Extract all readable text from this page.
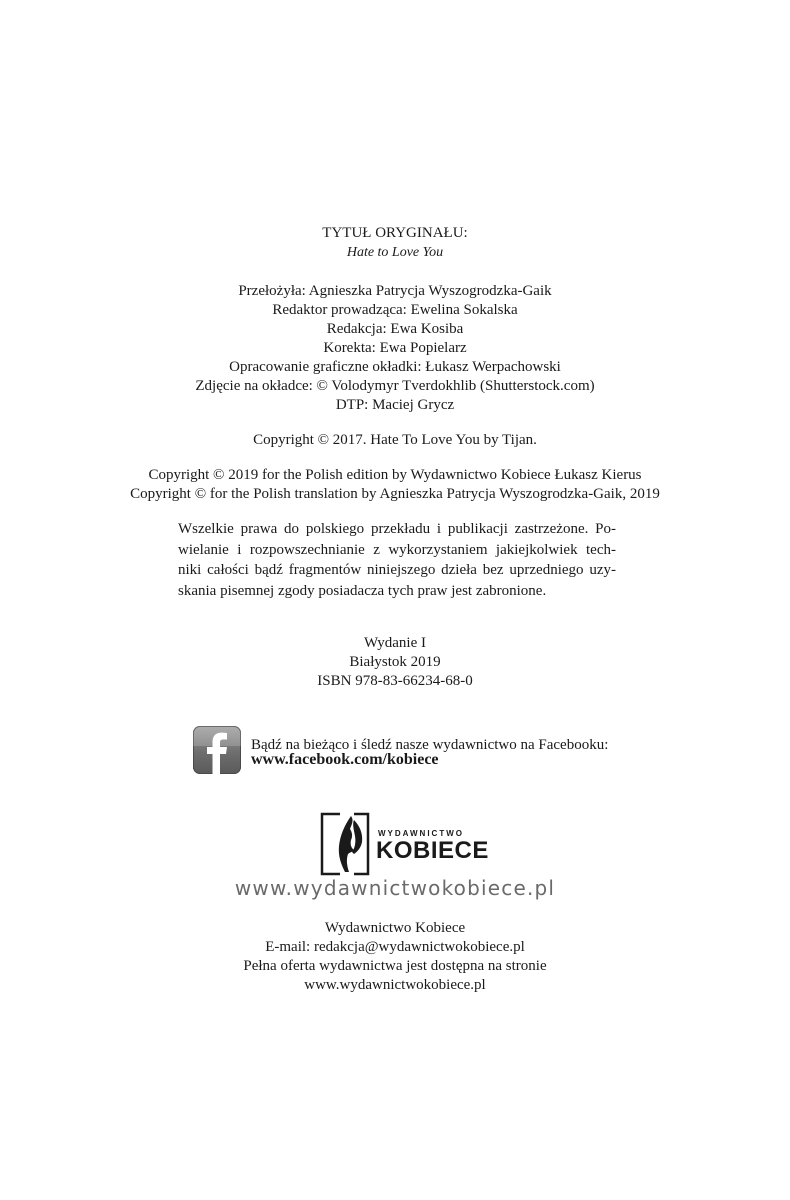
TYTUŁ ORYGINAŁU:
Hate to Love You
Przełożyła: Agnieszka Patrycja Wyszogrodzka-Gaik
Redaktor prowadząca: Ewelina Sokalska
Redakcja: Ewa Kosiba
Korekta: Ewa Popielarz
Opracowanie graficzne okładki: Łukasz Werpachowski
Zdjęcie na okładce: © Volodymyr Tverdokhlib (Shutterstock.com)
DTP: Maciej Grycz
Copyright © 2017. Hate To Love You by Tijan.
Copyright © 2019 for the Polish edition by Wydawnictwo Kobiece Łukasz Kierus
Copyright © for the Polish translation by Agnieszka Patrycja Wyszogrodzka-Gaik, 2019
Wszelkie prawa do polskiego przekładu i publikacji zastrzeżone. Po-
wielanie i rozpowszechnianie z wykorzystaniem jakiejkolwiek tech-
niki całości bądź fragmentów niniejszego dzieła bez uprzedniego uzy-
skania pisemnej zgody posiadacza tych praw jest zabronione.
Wydanie I
Białystok 2019
ISBN 978-83-66234-68-0
Bądź na bieżąco i śledź nasze wydawnictwo na Facebooku:
www.facebook.com/kobiece
WYDAWNICTWO
KOBIECE
www.wydawnictwokobiece.pl
Wydawnictwo Kobiece
E-mail: redakcja@wydawnictwokobiece.pl
Pełna oferta wydawnictwa jest dostępna na stronie
www.wydawnictwokobiece.pl
